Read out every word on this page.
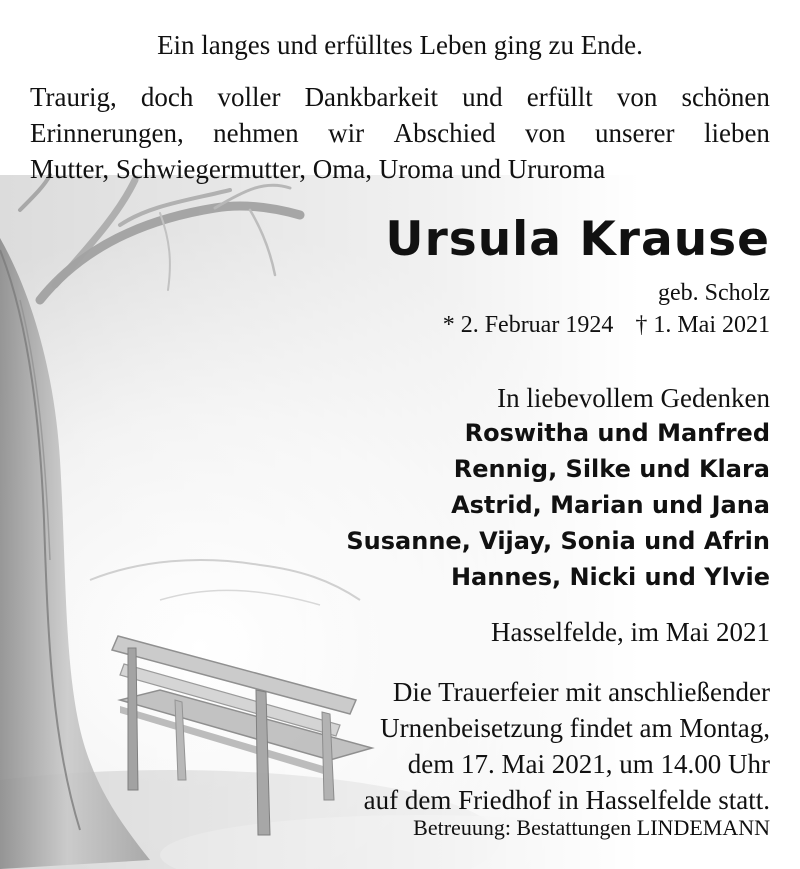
Ein langes und erfülltes Leben ging zu Ende.
Traurig, doch voller Dankbarkeit und erfüllt von schönen
Erinnerungen, nehmen wir Abschied von unserer lieben
Mutter, Schwiegermutter, Oma, Uroma und Ururoma
Ursula Krause
geb. Scholz
* 2. Februar 1924 † 1. Mai 2021
In liebevollem Gedenken
Roswitha und Manfred
Rennig, Silke und Klara
Astrid, Marian und Jana
Susanne, Vijay, Sonia und Afrin
Hannes, Nicki und Ylvie
Hasselfelde, im Mai 2021
Die Trauerfeier mit anschließender
Urnenbeisetzung findet am Montag,
dem 17. Mai 2021, um 14.00 Uhr
auf dem Friedhof in Hasselfelde statt.
Betreuung: Bestattungen LINDEMANN
